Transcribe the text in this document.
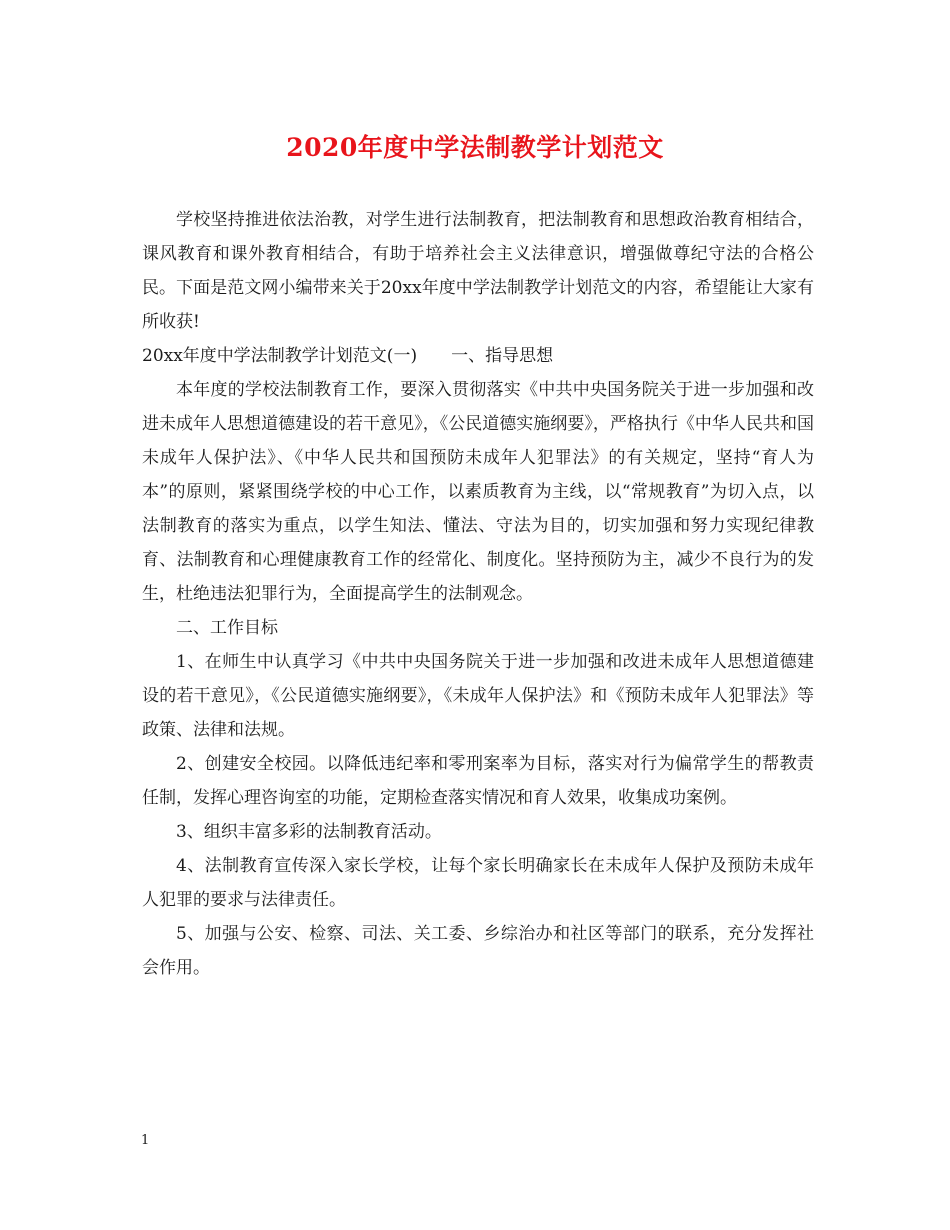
2020年度中学法制教学计划范文

学校坚持推进依法治教，对学生进行法制教育，把法制教育和思想政治教育相结合，课风教育和课外教育相结合，有助于培养社会主义法律意识，增强做尊纪守法的合格公民。下面是范文网小编带来关于20xx年度中学法制教学计划范文的内容，希望能让大家有所收获!

20xx年度中学法制教学计划范文(一)　　一、指导思想

本年度的学校法制教育工作，要深入贯彻落实《中共中央国务院关于进一步加强和改进未成年人思想道德建设的若干意见》，《公民道德实施纲要》，严格执行《中华人民共和国未成年人保护法》、《中华人民共和国预防未成年人犯罪法》的有关规定，坚持“育人为本”的原则，紧紧围绕学校的中心工作，以素质教育为主线，以“常规教育”为切入点，以法制教育的落实为重点，以学生知法、懂法、守法为目的，切实加强和努力实现纪律教育、法制教育和心理健康教育工作的经常化、制度化。坚持预防为主，减少不良行为的发生，杜绝违法犯罪行为，全面提高学生的法制观念。

二、工作目标

1、在师生中认真学习《中共中央国务院关于进一步加强和改进未成年人思想道德建设的若干意见》，《公民道德实施纲要》，《未成年人保护法》和《预防未成年人犯罪法》等政策、法律和法规。

2、创建安全校园。以降低违纪率和零刑案率为目标，落实对行为偏常学生的帮教责任制，发挥心理咨询室的功能，定期检查落实情况和育人效果，收集成功案例。

3、组织丰富多彩的法制教育活动。

4、法制教育宣传深入家长学校，让每个家长明确家长在未成年人保护及预防未成年人犯罪的要求与法律责任。

5、加强与公安、检察、司法、关工委、乡综治办和社区等部门的联系，充分发挥社会作用。

1
